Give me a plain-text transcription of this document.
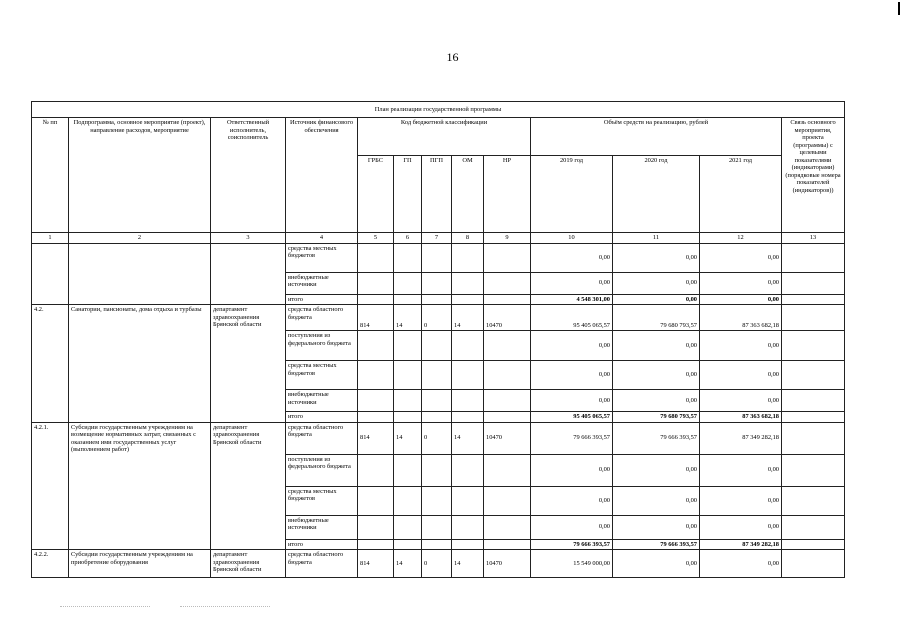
16
План реализации государственной программы												
№ пп	Подпрограмма, основное мероприятие (проект), направление расходов, мероприятие	Ответственный исполнитель, соисполнитель	Источник финансового обеспечения	Код бюджетной классификации					Объём средств на реализацию, рублей			Связь основного мероприятия, проекта (программы) с целевыми показателями (индикаторами) (порядковые номера показателей (индикаторов))
				ГРБС	ГП	ПГП	ОМ	НР	2019 год	2020 год	2021 год	
1	2	3	4	5	6	7	8	9	10	11	12	13
			средства местных бюджетов						0,00	0,00	0,00	
			внебюджетные источники						0,00	0,00	0,00	
			итого						4 548 301,00	0,00	0,00	
4.2.	Санатории, пансионаты, дома отдыха и турбазы	департамент здравоохранения Брянской области	средства областного бюджета	814	14	0	14	10470	95 405 065,57	79 680 793,57	87 363 682,18	
			поступления из федерального бюджета						0,00	0,00	0,00	
			средства местных бюджетов						0,00	0,00	0,00	
			внебюджетные источники						0,00	0,00	0,00	
			итого						95 405 065,57	79 680 793,57	87 363 682,18	
4.2.1.	Субсидии государственным учреждениям на возмещение нормативных затрат, связанных с оказанием ими государственных услуг (выполнением работ)	департамент здравоохранения Брянской области	средства областного бюджета	814	14	0	14	10470	79 666 393,57	79 666 393,57	87 349 282,18	
			поступления из федерального бюджета						0,00	0,00	0,00	
			средства местных бюджетов						0,00	0,00	0,00	
			внебюджетные источники						0,00	0,00	0,00	
			итого						79 666 393,57	79 666 393,57	87 349 282,18	
4.2.2.	Субсидии государственным учреждениям на приобретение оборудования	департамент здравоохранения Брянской области	средства областного бюджета	814	14	0	14	10470	15 549 000,00	0,00	0,00	
